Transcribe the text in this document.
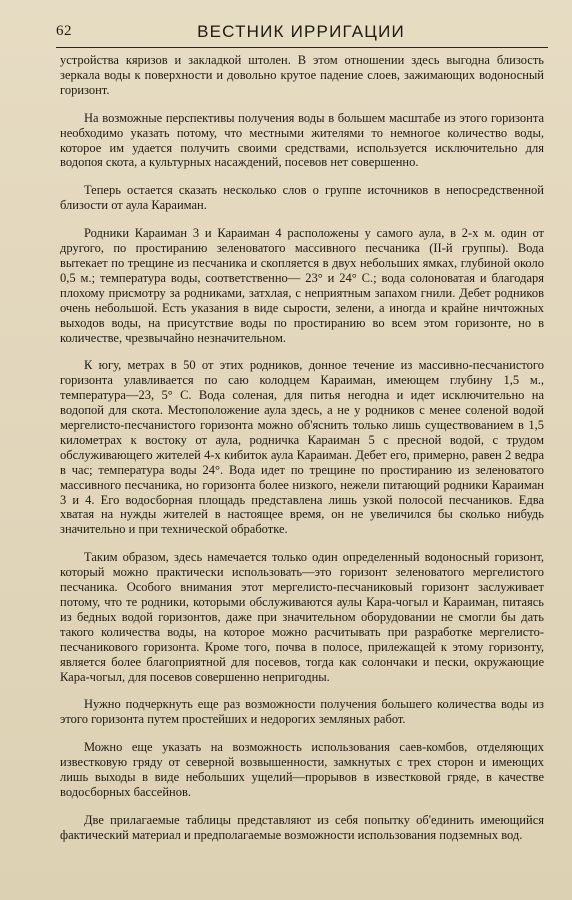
62	ВЕСТНИК ИРРИГАЦИИ

устройства кяризов и закладкой штолен. В этом отношении здесь выгодна близость зеркала воды к поверхности и довольно крутое падение слоев, зажимающих водоносный горизонт.

На возможные перспективы получения воды в большем масштабе из этого горизонта необходимо указать потому, что местными жителями то немногое количество воды, которое им удается получить своими средствами, используется исключительно для водопоя скота, а культурных насаждений, посевов нет совершенно.

Теперь остается сказать несколько слов о группе источников в непосредственной близости от аула Караиман.

Родники Караиман 3 и Караиман 4 расположены у самого аула, в 2-х м. один от другого, по простиранию зеленоватого массивного песчаника (II-й группы). Вода вытекает по трещине из песчаника и скопляется в двух небольших ямках, глубиной около 0,5 м.; температура воды, соответственно— 23° и 24° С.; вода солоноватая и благодаря плохому присмотру за родниками, затхлая, с неприятным запахом гнили. Дебет родников очень небольшой. Есть указания в виде сырости, зелени, а иногда и крайне ничтожных выходов воды, на присутствие воды по простиранию во всем этом горизонте, но в количестве, чрезвычайно незначительном.

К югу, метрах в 50 от этих родников, донное течение из массивно-песчанистого горизонта улавливается по саю колодцем Караиман, имеющем глубину 1,5 м., температура—23, 5° С. Вода соленая, для питья негодна и идет исключительно на водопой для скота. Местоположение аула здесь, а не у родников с менее соленой водой мергелисто-песчанистого горизонта можно об'яснить только лишь существованием в 1,5 километрах к востоку от аула, родничка Караиман 5 с пресной водой, с трудом обслуживающего жителей 4-х кибиток аула Караиман. Дебет его, примерно, равен 2 ведра в час; температура воды 24°. Вода идет по трещине по простиранию из зеленоватого массивного песчаника, но горизонта более низкого, нежели питающий родники Караиман 3 и 4. Его водосборная площадь представлена лишь узкой полосой песчаников. Едва хватая на нужды жителей в настоящее время, он не увеличился бы сколько нибудь значительно и при технической обработке.

Таким образом, здесь намечается только один определенный водоносный горизонт, который можно практически использовать—это горизонт зеленоватого мергелистого песчаника. Особого внимания этот мергелисто-песчаниковый горизонт заслуживает потому, что те родники, которыми обслуживаются аулы Кара-чогыл и Караиман, питаясь из бедных водой горизонтов, даже при значительном оборудовании не смогли бы дать такого количества воды, на которое можно расчитывать при разработке мергелисто-песчаникового горизонта. Кроме того, почва в полосе, прилежащей к этому горизонту, является более благоприятной для посевов, тогда как солончаки и пески, окружающие Кара-чогыл, для посевов совершенно непригодны.

Нужно подчеркнуть еще раз возможности получения большего количества воды из этого горизонта путем простейших и недорогих земляных работ.

Можно еще указать на возможность использования саев-комбов, отделяющих известковую гряду от северной возвышенности, замкнутых с трех сторон и имеющих лишь выходы в виде небольших ущелий—прорывов в известковой гряде, в качестве водосборных бассейнов.

Две прилагаемые таблицы представляют из себя попытку об'единить имеющийся фактический материал и предполагаемые возможности использования подземных вод.
